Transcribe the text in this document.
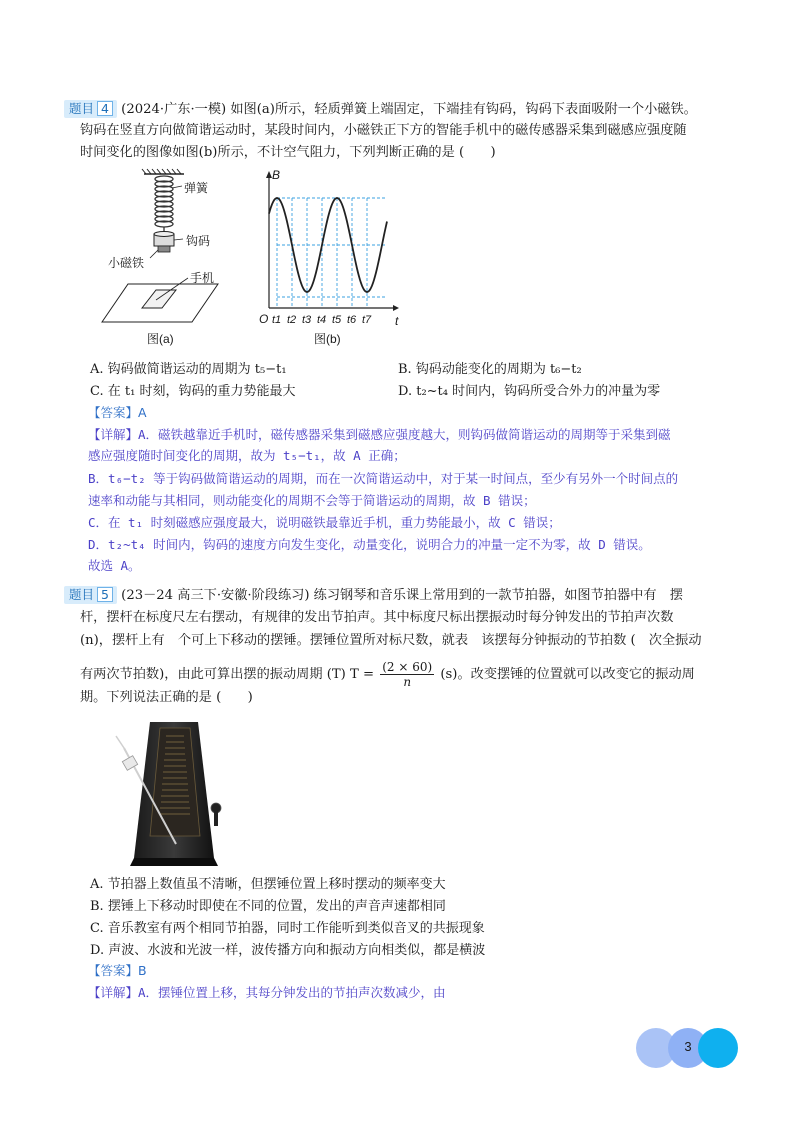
题目 4 (2024·广东·一模) 如图(a)所示，轻质弹簧上端固定，下端挂有钩码，钩码下表面吸附一个小磁铁。
钩码在竖直方向做简谐运动时，某段时间内，小磁铁正下方的智能手机中的磁传感器采集到磁感应强度随
时间变化的图像如图(b)所示，不计空气阻力，下列判断正确的是 (　　)
弹簧
钩码
小磁铁
手机
图(a)
B
t
O t1 t2 t3 t4 t5 t6 t7
图(b)
A. 钩码做简谐运动的周期为 t₅−t₁	B. 钩码动能变化的周期为 t₆−t₂
C. 在 t₁ 时刻，钩码的重力势能最大	D. t₂~t₄ 时间内，钩码所受合外力的冲量为零
【答案】A
【详解】A．磁铁越靠近手机时，磁传感器采集到磁感应强度越大，则钩码做简谐运动的周期等于采集到磁
感应强度随时间变化的周期，故为 t₅−t₁，故 A 正确；
B．t₆−t₂ 等于钩码做简谐运动的周期，而在一次简谐运动中，对于某一时间点，至少有另外一个时间点的
速率和动能与其相同，则动能变化的周期不会等于简谐运动的周期，故 B 错误；
C．在 t₁ 时刻磁感应强度最大，说明磁铁最靠近手机，重力势能最小，故 C 错误；
D．t₂~t₄ 时间内，钩码的速度方向发生变化，动量变化，说明合力的冲量一定不为零，故 D 错误。
故选 A。
题目 5 (23－24 高三下·安徽·阶段练习) 练习钢琴和音乐课上常用到的一款节拍器，如图节拍器中有　摆
杆，摆杆在标度尺左右摆动，有规律的发出节拍声。其中标度尺标出摆振动时每分钟发出的节拍声次数
(n)，摆杆上有　个可上下移动的摆锤。摆锤位置所对标尺数，就表　该摆每分钟振动的节拍数 (　次全振动
有两次节拍数)，由此可算出摆的振动周期 (T) $T = \frac{(2 \times 60)}{n} (s)$。改变摆锤的位置就可以改变它的振动周
期。下列说法正确的是 (　　)
A. 节拍器上数值虽不清晰，但摆锤位置上移时摆动的频率变大
B. 摆锤上下移动时即使在不同的位置，发出的声音声速都相同
C. 音乐教室有两个相同节拍器，同时工作能听到类似音叉的共振现象
D. 声波、水波和光波一样，波传播方向和振动方向相类似，都是横波
【答案】B
【详解】A．摆锤位置上移，其每分钟发出的节拍声次数减少，由
3
